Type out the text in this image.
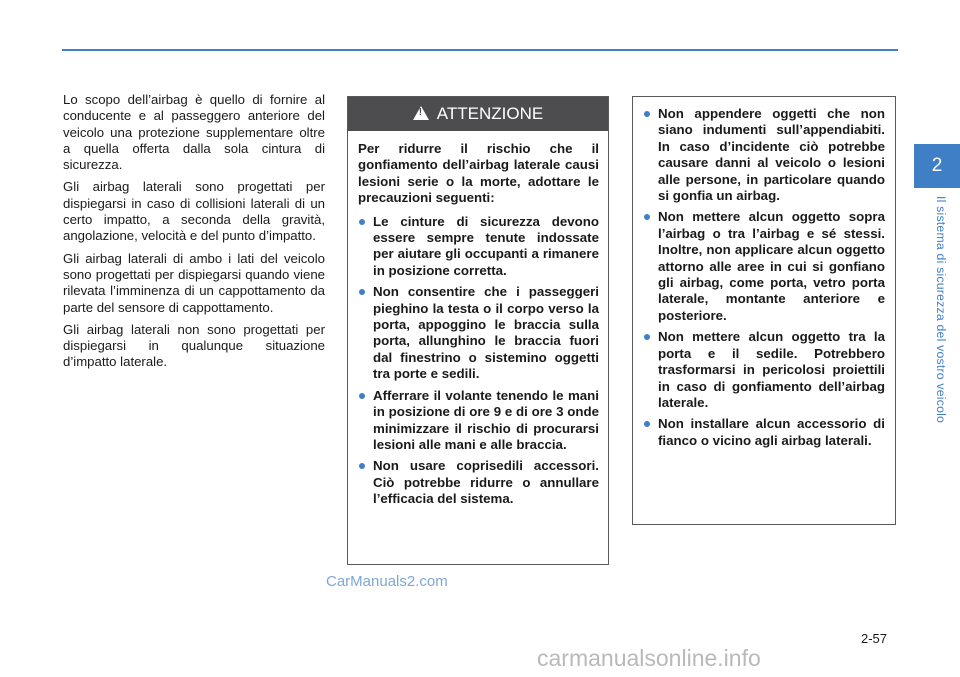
Lo scopo dell’airbag è quello di fornire al conducente e al passeggero anteriore del veicolo una protezione supplementare oltre a quella offerta dalla sola cintura di sicurezza.

Gli airbag laterali sono progettati per dispiegarsi in caso di collisioni laterali di un certo impatto, a seconda della gravità, angolazione, velocità e del punto d’impatto.

Gli airbag laterali di ambo i lati del veicolo sono progettati per dispiegarsi quando viene rilevata l’imminenza di un cappottamento da parte del sensore di cappottamento.

Gli airbag laterali non sono progettati per dispiegarsi in qualunque situazione d’impatto laterale.

!
ATTENZIONE

Per ridurre il rischio che il gonfiamento dell’airbag laterale causi lesioni serie o la morte, adottare le precauzioni seguenti:

Le cinture di sicurezza devono essere sempre tenute indossate per aiutare gli occupanti a rimanere in posizione corretta.
Non consentire che i passeggeri pieghino la testa o il corpo verso la porta, appoggino le braccia sulla porta, allunghino le braccia fuori dal finestrino o sistemino oggetti tra porte e sedili.
Afferrare il volante tenendo le mani in posizione di ore 9 e di ore 3 onde minimizzare il rischio di procurarsi lesioni alle mani e alle braccia.
Non usare coprisedili accessori. Ciò potrebbe ridurre o annullare l’efficacia del sistema.
Non appendere oggetti che non siano indumenti sull’appendiabiti. In caso d’incidente ciò potrebbe causare danni al veicolo o lesioni alle persone, in particolare quando si gonfia un airbag.
Non mettere alcun oggetto sopra l’airbag o tra l’airbag e sé stessi. Inoltre, non applicare alcun oggetto attorno alle aree in cui si gonfiano gli airbag, come porta, vetro porta laterale, montante anteriore e posteriore.
Non mettere alcun oggetto tra la porta e il sedile. Potrebbero trasformarsi in pericolosi proiettili in caso di gonfiamento dell’airbag laterale.
Non installare alcun accessorio di fianco o vicino agli airbag laterali.
2
Il sistema di sicurezza del vostro veicolo
CarManuals2.com
2-57
carmanualsonline.info
